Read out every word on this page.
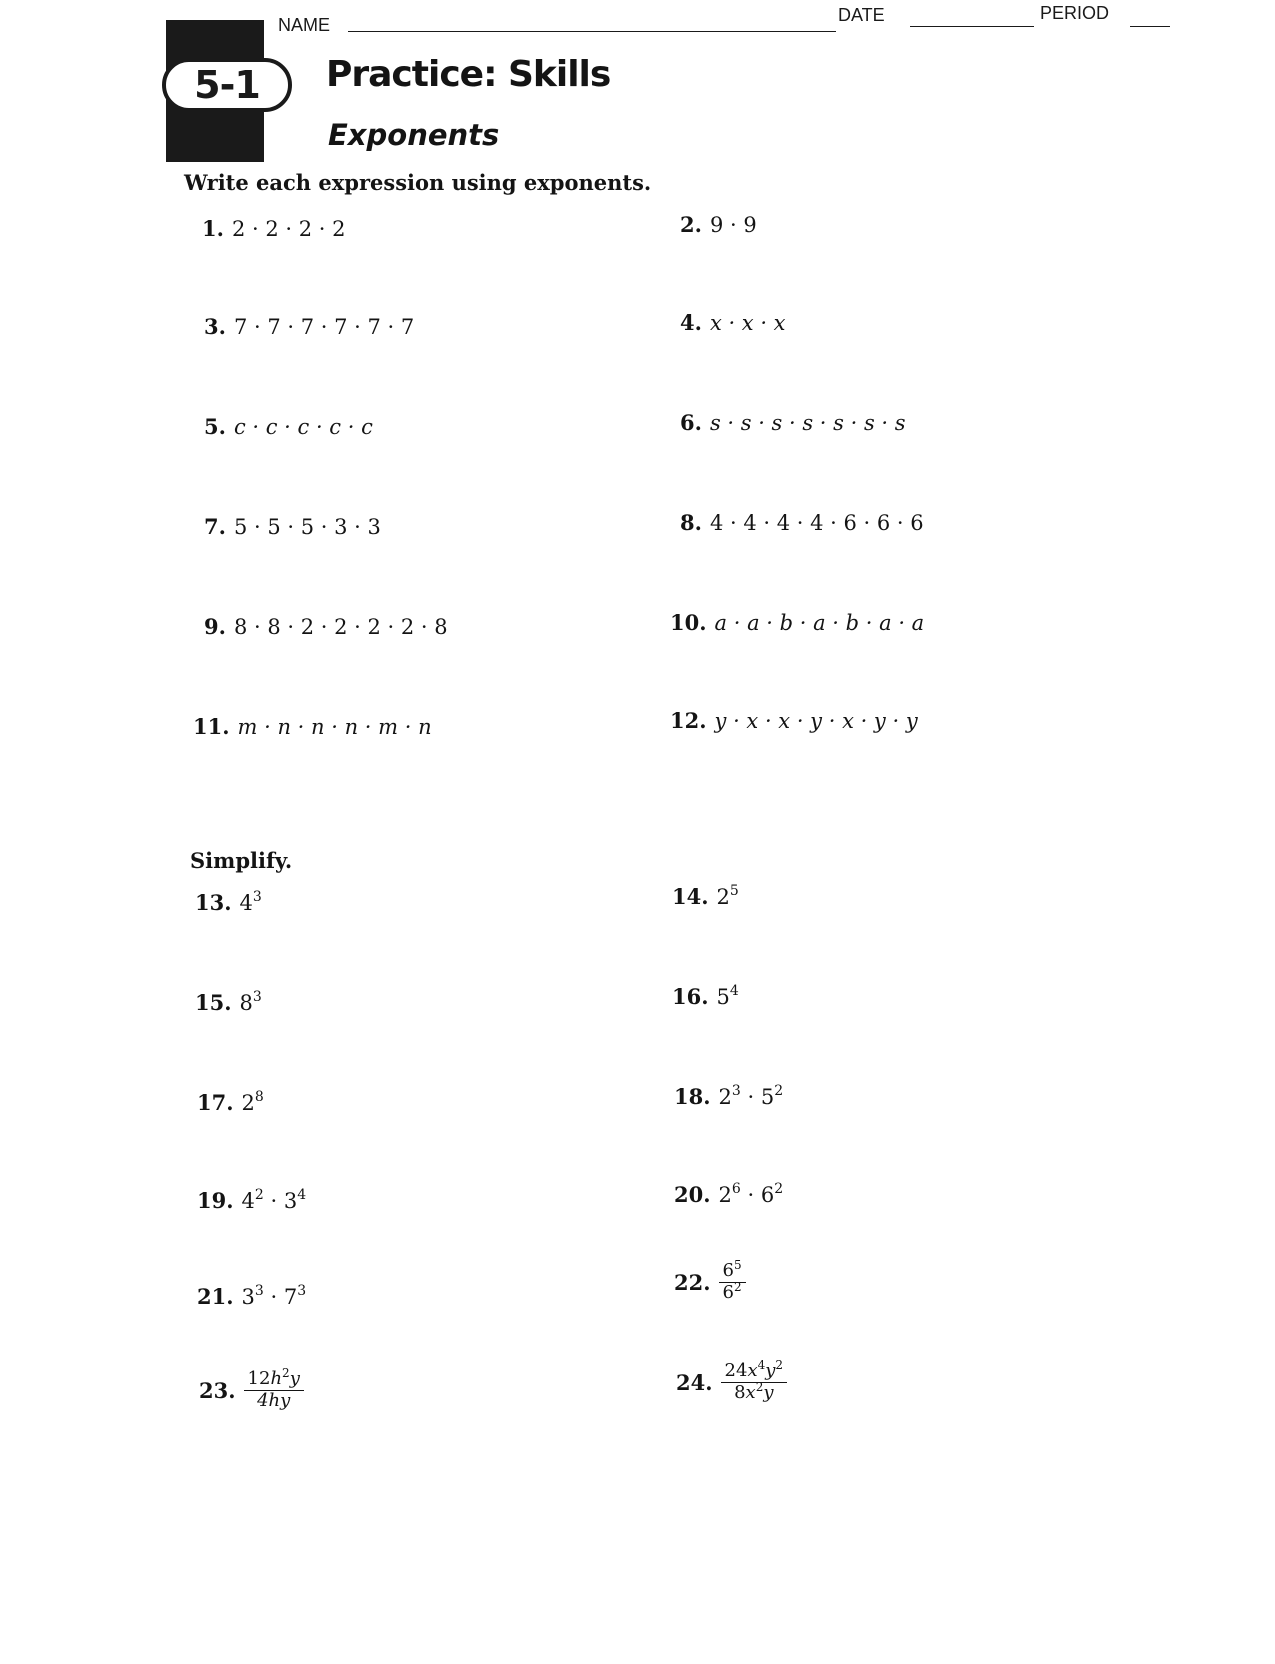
5-1
NAME	DATE	PERIOD
Practice: Skills
Exponents
Write each expression using exponents.
1. 2 · 2 · 2 · 2	2. 9 · 9
3. 7 · 7 · 7 · 7 · 7 · 7	4. x · x · x
5. c · c · c · c · c	6. s · s · s · s · s · s · s
7. 5 · 5 · 5 · 3 · 3	8. 4 · 4 · 4 · 4 · 6 · 6 · 6
9. 8 · 8 · 2 · 2 · 2 · 2 · 8	10. a · a · b · a · b · a · a
11. m · n · n · n · m · n	12. y · x · x · y · x · y · y
Simplify.
13. $4^3$	14. $2^5$
15. $8^3$	16. $5^4$
17. $2^8$	18. $2^3 \cdot 5^2$
19. $4^2 \cdot 3^4$	20. $2^6 \cdot 6^2$
21. $3^3 \cdot 7^3$	22. $\frac{6^5}{6^2}$
23. $\frac{12h^2y}{4hy}$	24. $\frac{24x^4y^2}{8x^2y}$
